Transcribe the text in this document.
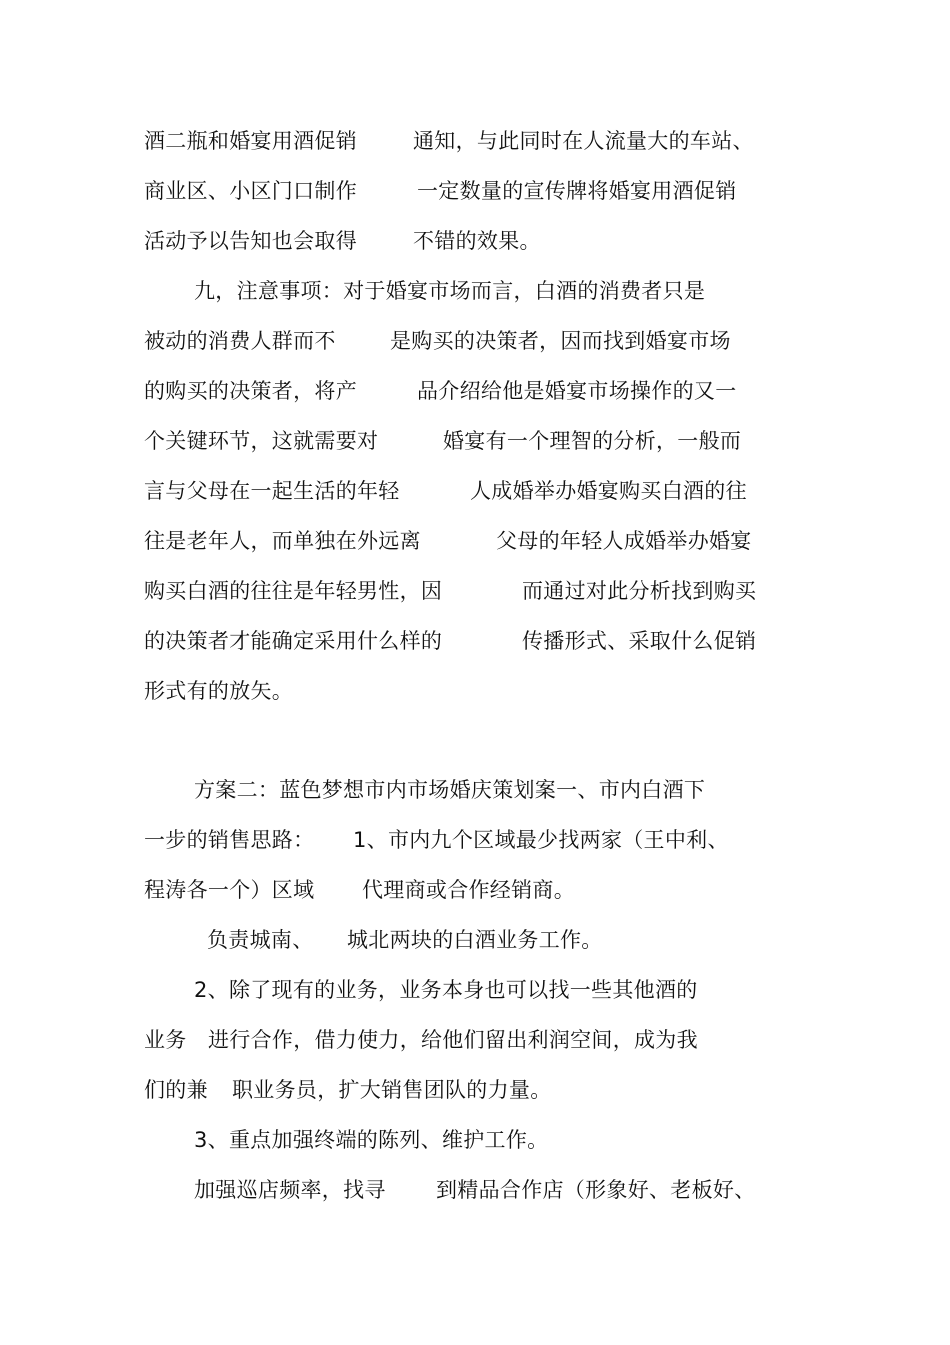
酒二瓶和婚宴用酒促销	通知，与此同时在人流量大的车站、
商业区、小区门口制作	一定数量的宣传牌将婚宴用酒促销
活动予以告知也会取得	不错的效果。
九，注意事项：对于婚宴市场而言，白酒的消费者只是
被动的消费人群而不	是购买的决策者，因而找到婚宴市场
的购买的决策者，将产	品介绍给他是婚宴市场操作的又一
个关键环节，这就需要对	婚宴有一个理智的分析，一般而
言与父母在一起生活的年轻	人成婚举办婚宴购买白酒的往
往是老年人，而单独在外远离	父母的年轻人成婚举办婚宴
购买白酒的往往是年轻男性，因	而通过对此分析找到购买
的决策者才能确定采用什么样的	传播形式、采取什么促销
形式有的放矢。
方案二：蓝色梦想市内市场婚庆策划案一、市内白酒下
一步的销售思路： 1、市内九个区域最少找两家（王中利、
程涛各一个）区域 代理商或合作经销商。
负责城南、 城北两块的白酒业务工作。
2、除了现有的业务，业务本身也可以找一些其他酒的
业务 进行合作，借力使力，给他们留出利润空间，成为我
们的兼 职业务员，扩大销售团队的力量。
3、重点加强终端的陈列、维护工作。
加强巡店频率，找寻 到精品合作店（形象好、老板好、
